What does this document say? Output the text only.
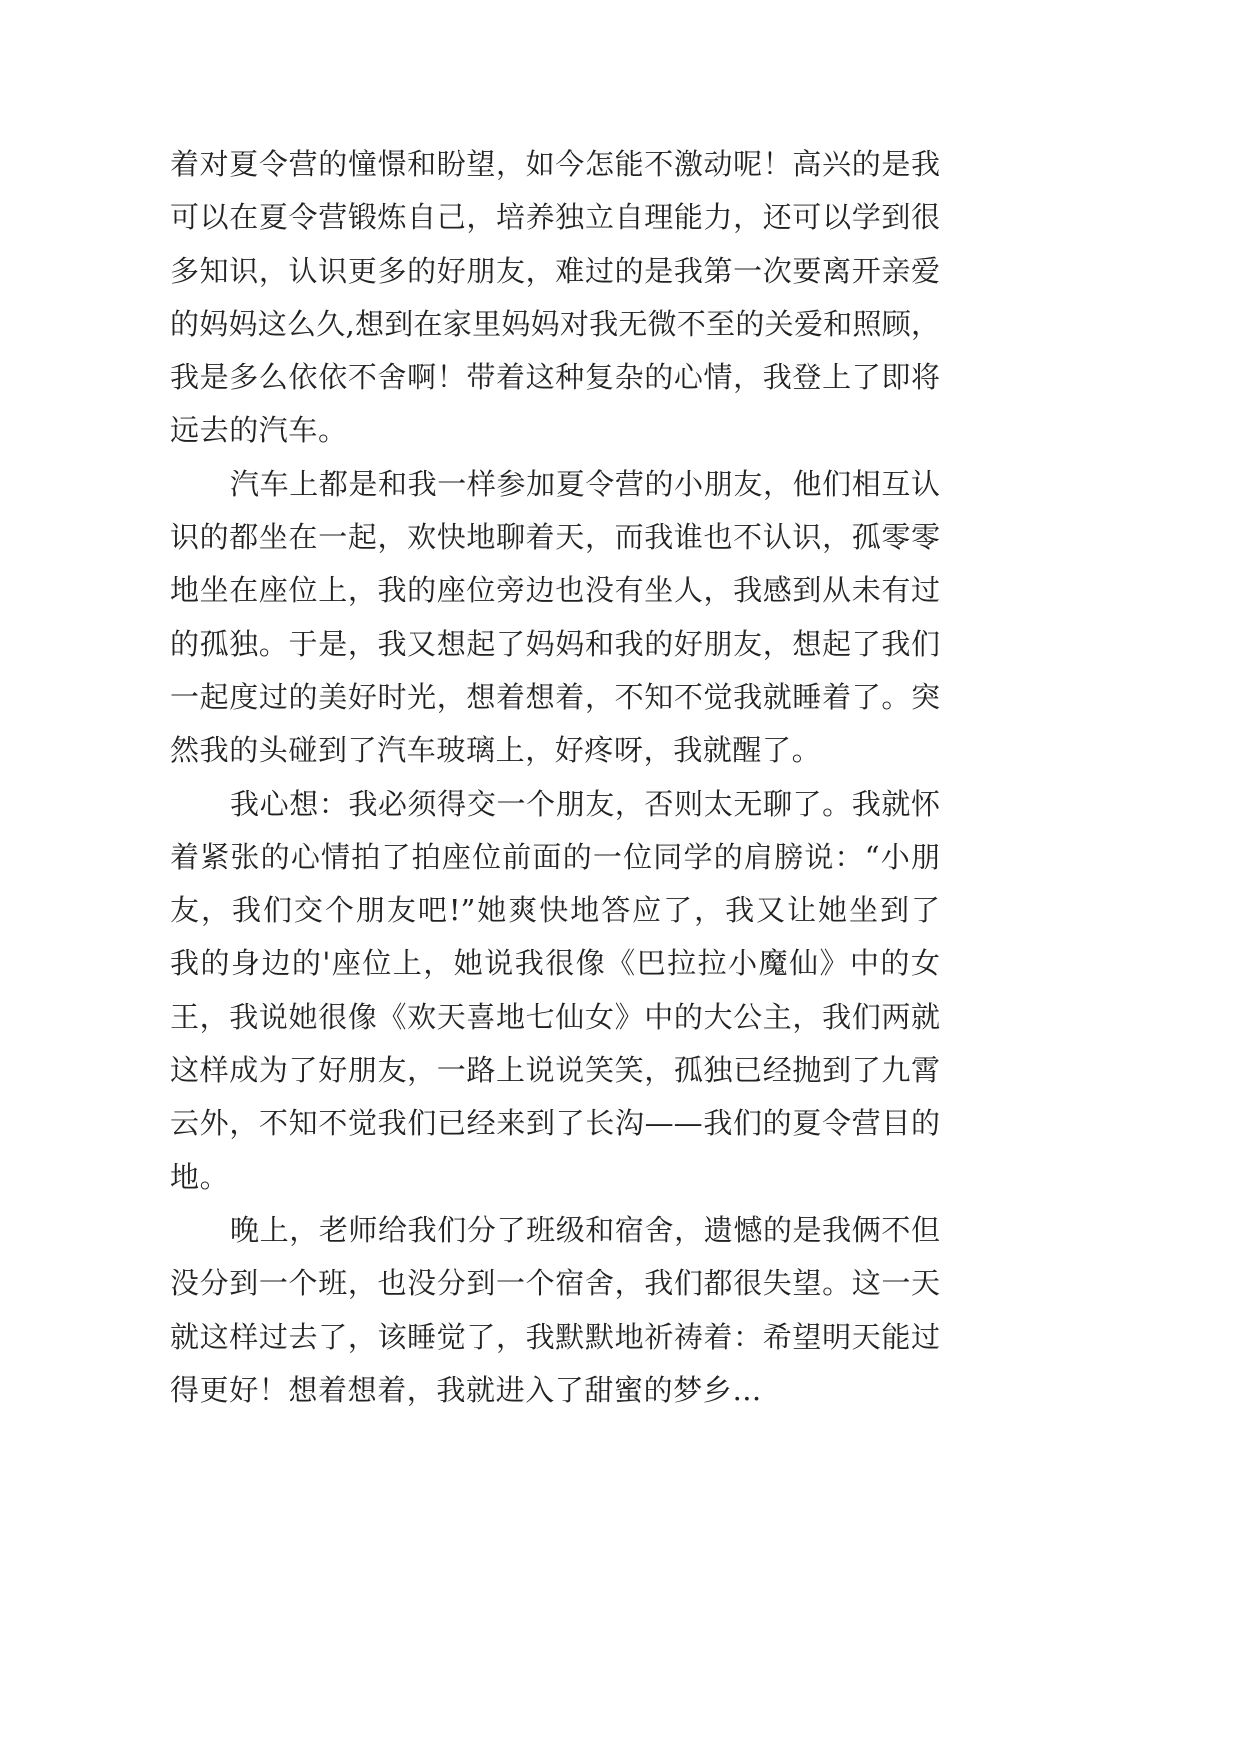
着对夏令营的憧憬和盼望，如今怎能不激动呢！高兴的是我
可以在夏令营锻炼自己，培养独立自理能力，还可以学到很
多知识，认识更多的好朋友，难过的是我第一次要离开亲爱
的妈妈这么久,想到在家里妈妈对我无微不至的关爱和照顾，
我是多么依依不舍啊！带着这种复杂的心情，我登上了即将
远去的汽车。
汽车上都是和我一样参加夏令营的小朋友，他们相互认
识的都坐在一起，欢快地聊着天，而我谁也不认识，孤零零
地坐在座位上，我的座位旁边也没有坐人，我感到从未有过
的孤独。于是，我又想起了妈妈和我的好朋友，想起了我们
一起度过的美好时光，想着想着，不知不觉我就睡着了。突
然我的头碰到了汽车玻璃上，好疼呀，我就醒了。
我心想：我必须得交一个朋友，否则太无聊了。我就怀
着紧张的心情拍了拍座位前面的一位同学的肩膀说：“小朋
友，我们交个朋友吧!”她爽快地答应了，我又让她坐到了
我的身边的'座位上，她说我很像《巴拉拉小魔仙》中的女
王，我说她很像《欢天喜地七仙女》中的大公主，我们两就
这样成为了好朋友，一路上说说笑笑，孤独已经抛到了九霄
云外，不知不觉我们已经来到了长沟——我们的夏令营目的
地。
晚上，老师给我们分了班级和宿舍，遗憾的是我俩不但
没分到一个班，也没分到一个宿舍，我们都很失望。这一天
就这样过去了，该睡觉了，我默默地祈祷着：希望明天能过
得更好！想着想着，我就进入了甜蜜的梦乡…
